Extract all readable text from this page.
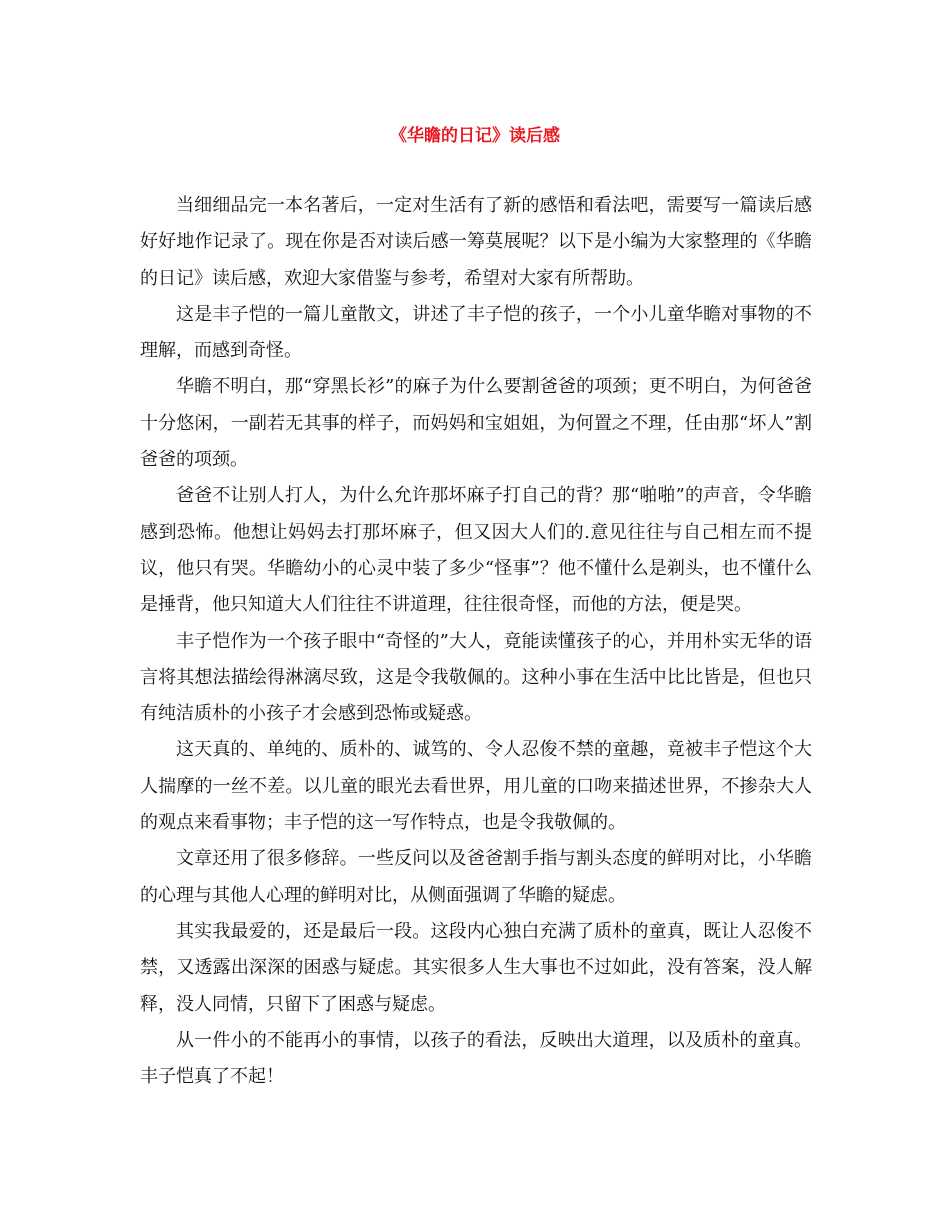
《华瞻的日记》读后感

当细细品完一本名著后，一定对生活有了新的感悟和看法吧，需要写一篇读后感好好地作记录了。现在你是否对读后感一筹莫展呢？以下是小编为大家整理的《华瞻的日记》读后感，欢迎大家借鉴与参考，希望对大家有所帮助。

这是丰子恺的一篇儿童散文，讲述了丰子恺的孩子，一个小儿童华瞻对事物的不理解，而感到奇怪。

华瞻不明白，那“穿黑长衫”的麻子为什么要割爸爸的项颈；更不明白，为何爸爸十分悠闲，一副若无其事的样子，而妈妈和宝姐姐，为何置之不理，任由那“坏人”割爸爸的项颈。

爸爸不让别人打人，为什么允许那坏麻子打自己的背？那“啪啪”的声音，令华瞻感到恐怖。他想让妈妈去打那坏麻子，但又因大人们的.意见往往与自己相左而不提议，他只有哭。华瞻幼小的心灵中装了多少“怪事”？他不懂什么是剃头，也不懂什么是捶背，他只知道大人们往往不讲道理，往往很奇怪，而他的方法，便是哭。

丰子恺作为一个孩子眼中“奇怪的”大人，竟能读懂孩子的心，并用朴实无华的语言将其想法描绘得淋漓尽致，这是令我敬佩的。这种小事在生活中比比皆是，但也只有纯洁质朴的小孩子才会感到恐怖或疑惑。

这天真的、单纯的、质朴的、诚笃的、令人忍俊不禁的童趣，竟被丰子恺这个大人揣摩的一丝不差。以儿童的眼光去看世界，用儿童的口吻来描述世界，不掺杂大人的观点来看事物；丰子恺的这一写作特点，也是令我敬佩的。

文章还用了很多修辞。一些反问以及爸爸割手指与割头态度的鲜明对比，小华瞻的心理与其他人心理的鲜明对比，从侧面强调了华瞻的疑虑。

其实我最爱的，还是最后一段。这段内心独白充满了质朴的童真，既让人忍俊不禁，又透露出深深的困惑与疑虑。其实很多人生大事也不过如此，没有答案，没人解释，没人同情，只留下了困惑与疑虑。

从一件小的不能再小的事情，以孩子的看法，反映出大道理，以及质朴的童真。丰子恺真了不起！
